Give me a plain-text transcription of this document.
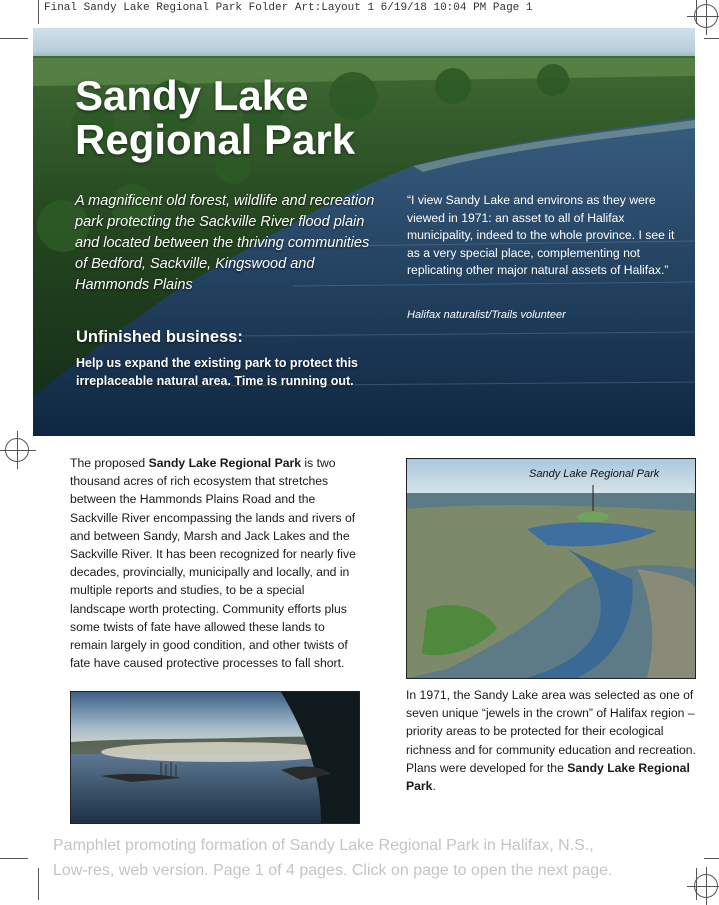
Final Sandy Lake Regional Park Folder Art:Layout 1 6/19/18 10:04 PM Page 1
Sandy Lake
Regional Park
A magnificent old forest, wildlife and recreation park protecting the Sackville River flood plain and located between the thriving communities of Bedford, Sackville, Kingswood and Hammonds Plains
“I view Sandy Lake and environs as they were viewed in 1971: an asset to all of Halifax municipality, indeed to the whole province. I see it as a very special place, complementing not replicating other major natural assets of Halifax.”
Halifax naturalist/Trails volunteer
Unfinished business:
Help us expand the existing park to protect this irreplaceable natural area. Time is running out.
The proposed Sandy Lake Regional Park is two thousand acres of rich ecosystem that stretches between the Hammonds Plains Road and the Sackville River encompassing the lands and rivers of and between Sandy, Marsh and Jack Lakes and the Sackville River. It has been recognized for nearly five decades, provincially, municipally and locally, and in multiple reports and studies, to be a special landscape worth protecting. Community efforts plus some twists of fate have allowed these lands to remain largely in good condition, and other twists of fate have caused protective processes to fall short.
Sandy Lake Regional Park
In 1971, the Sandy Lake area was selected as one of seven unique “jewels in the crown” of Halifax region – priority areas to be protected for their ecological richness and for community education and recreation. Plans were developed for the Sandy Lake Regional Park.
Pamphlet promoting formation of Sandy Lake Regional Park in Halifax, N.S.,
Low-res, web version. Page 1 of 4 pages. Click on page to open the next page.
